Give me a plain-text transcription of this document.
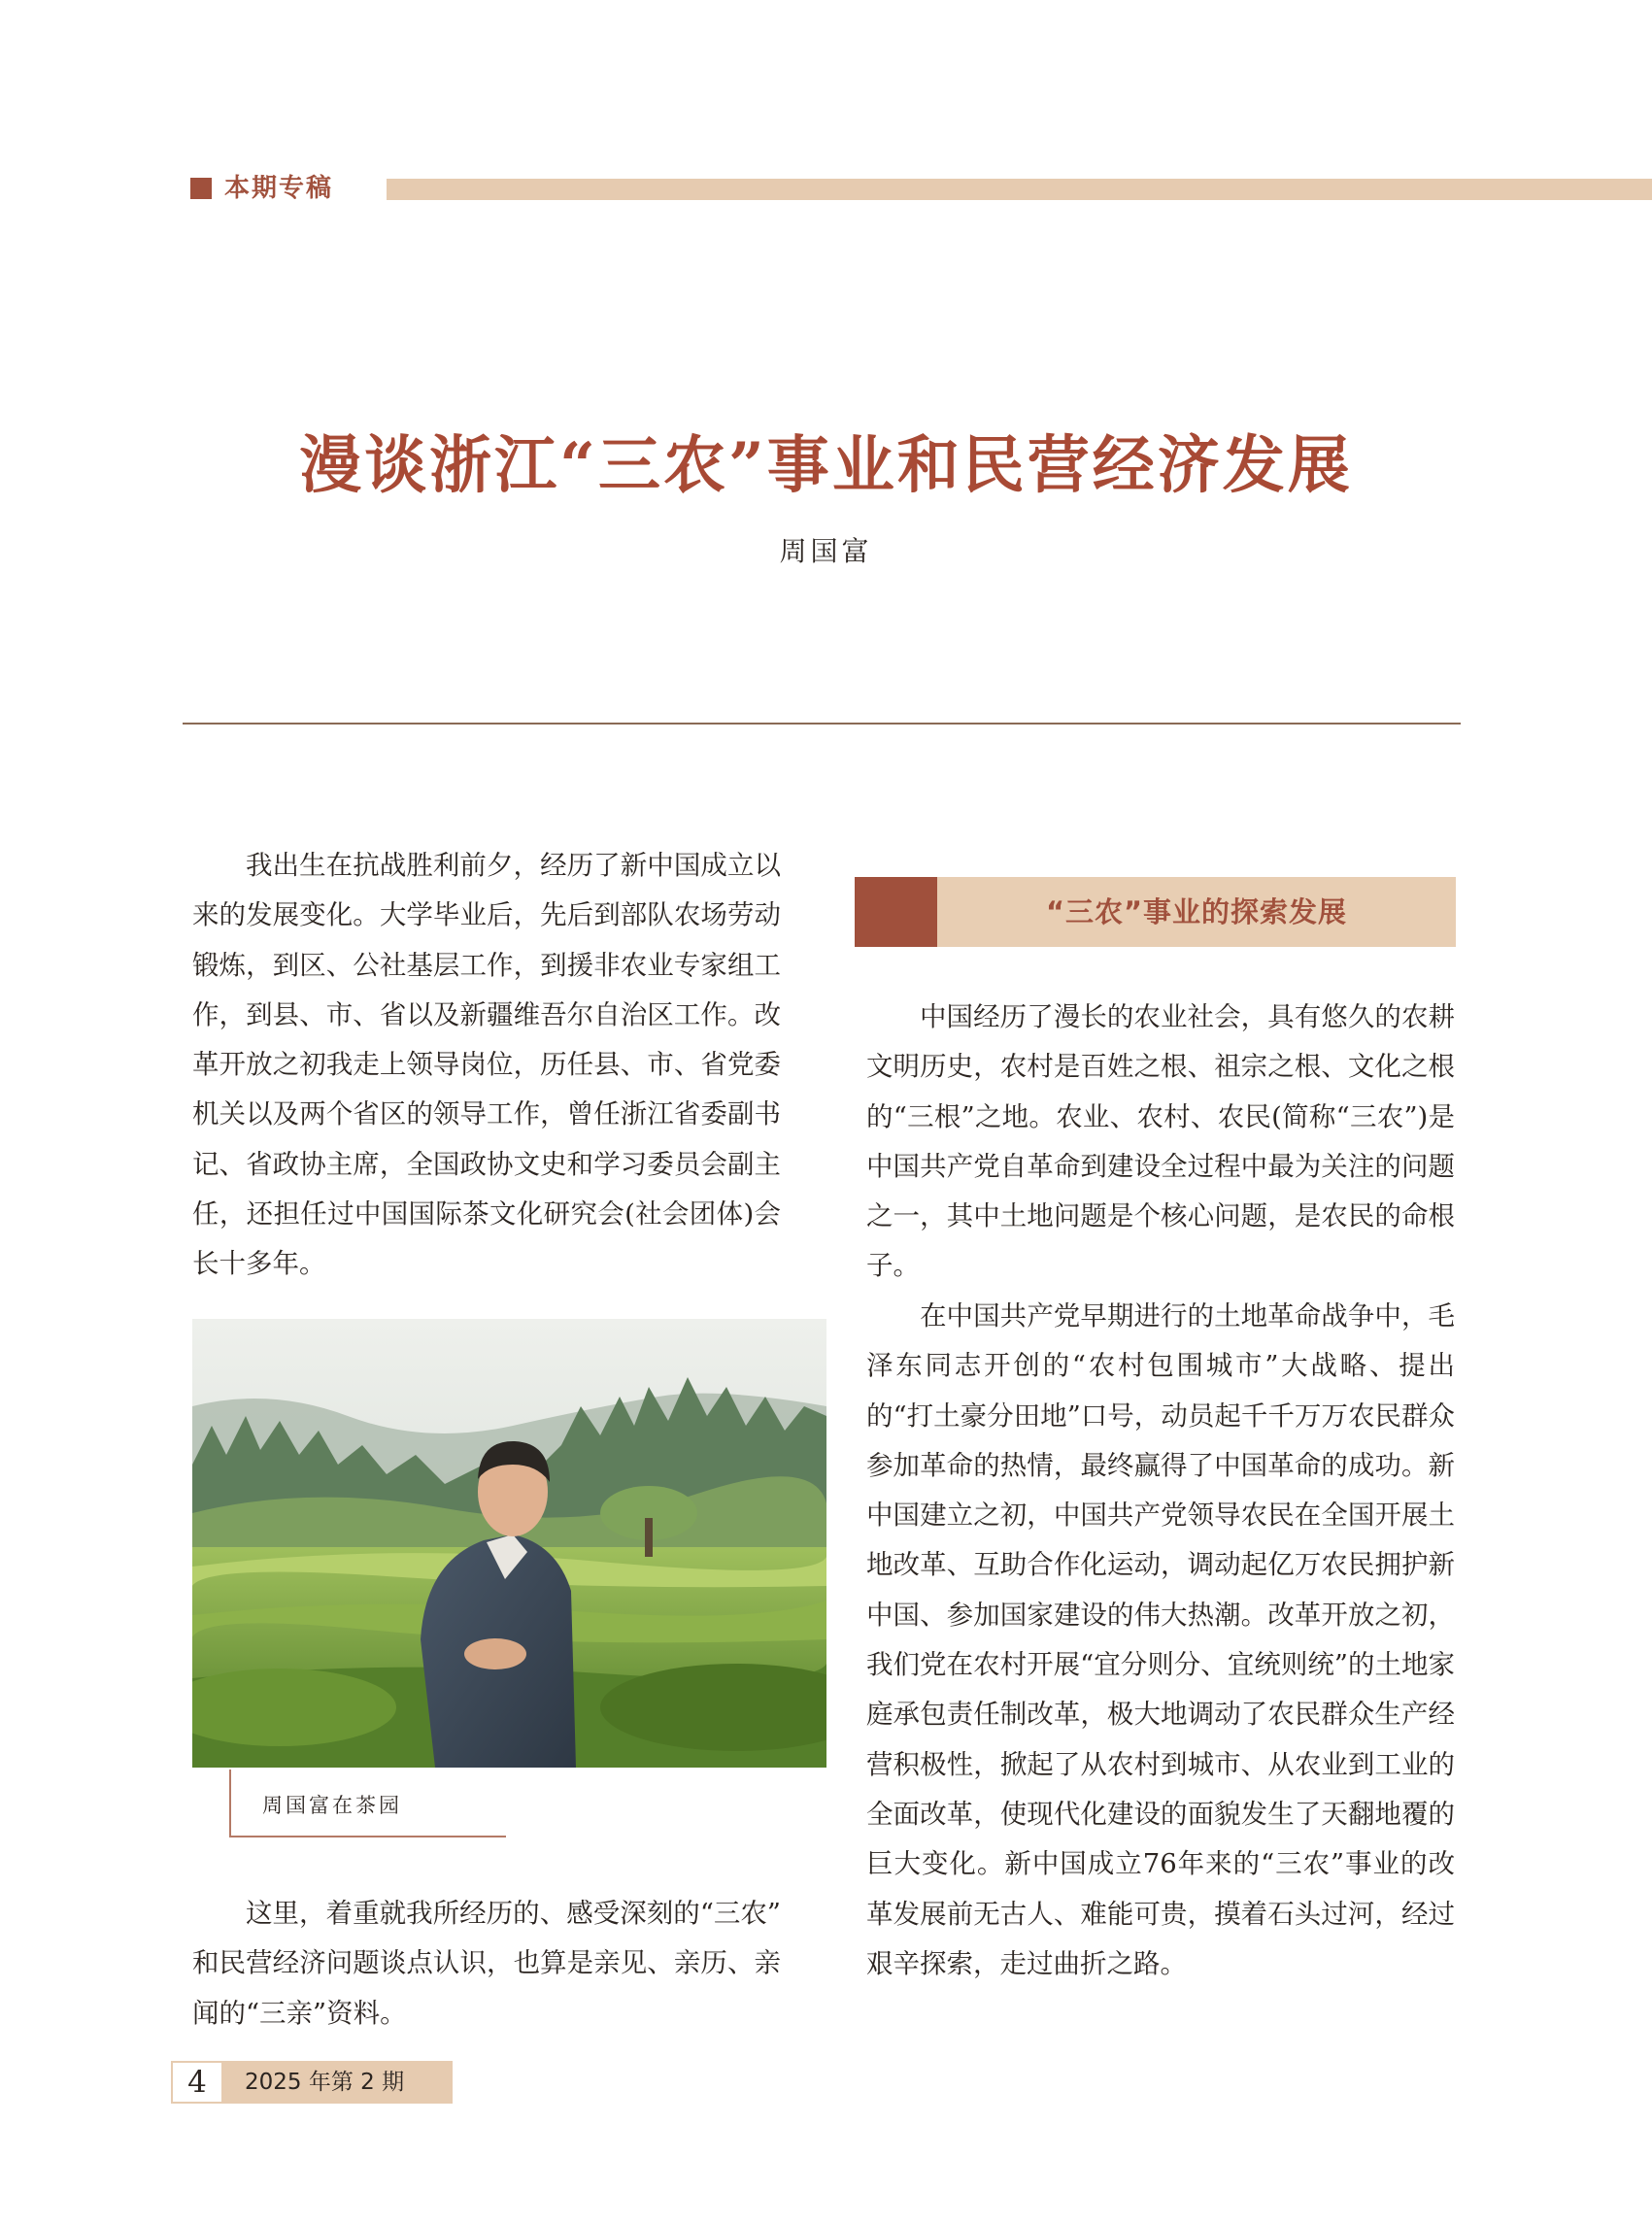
本期专稿
漫谈浙江“三农”事业和民营经济发展
周国富

我出生在抗战胜利前夕，经历了新中国成立以来的发展变化。大学毕业后，先后到部队农场劳动锻炼，到区、公社基层工作，到援非农业专家组工作，到县、市、省以及新疆维吾尔自治区工作。改革开放之初我走上领导岗位，历任县、市、省党委机关以及两个省区的领导工作，曾任浙江省委副书记、省政协主席，全国政协文史和学习委员会副主任，还担任过中国国际茶文化研究会(社会团体)会长十多年。

周国富在茶园

这里，着重就我所经历的、感受深刻的“三农” 和民营经济问题谈点认识，也算是亲见、亲历、亲闻的“三亲”资料。

“三农”事业的探索发展

中国经历了漫长的农业社会，具有悠久的农耕文明历史，农村是百姓之根、祖宗之根、文化之根的“三根”之地。农业、农村、农民(简称“三农”)是中国共产党自革命到建设全过程中最为关注的问题之一，其中土地问题是个核心问题，是农民的命根子。

在中国共产党早期进行的土地革命战争中，毛泽东同志开创的“农村包围城市”大战略、提出的“打土豪分田地”口号，动员起千千万万农民群众参加革命的热情，最终赢得了中国革命的成功。新中国建立之初，中国共产党领导农民在全国开展土地改革、互助合作化运动，调动起亿万农民拥护新中国、参加国家建设的伟大热潮。改革开放之初，我们党在农村开展“宜分则分、宜统则统”的土地家庭承包责任制改革，极大地调动了农民群众生产经营积极性，掀起了从农村到城市、从农业到工业的全面改革，使现代化建设的面貌发生了天翻地覆的巨大变化。新中国成立76年来的“三农”事业的改革发展前无古人、难能可贵，摸着石头过河，经过艰辛探索，走过曲折之路。

4	2025 年第 2 期
